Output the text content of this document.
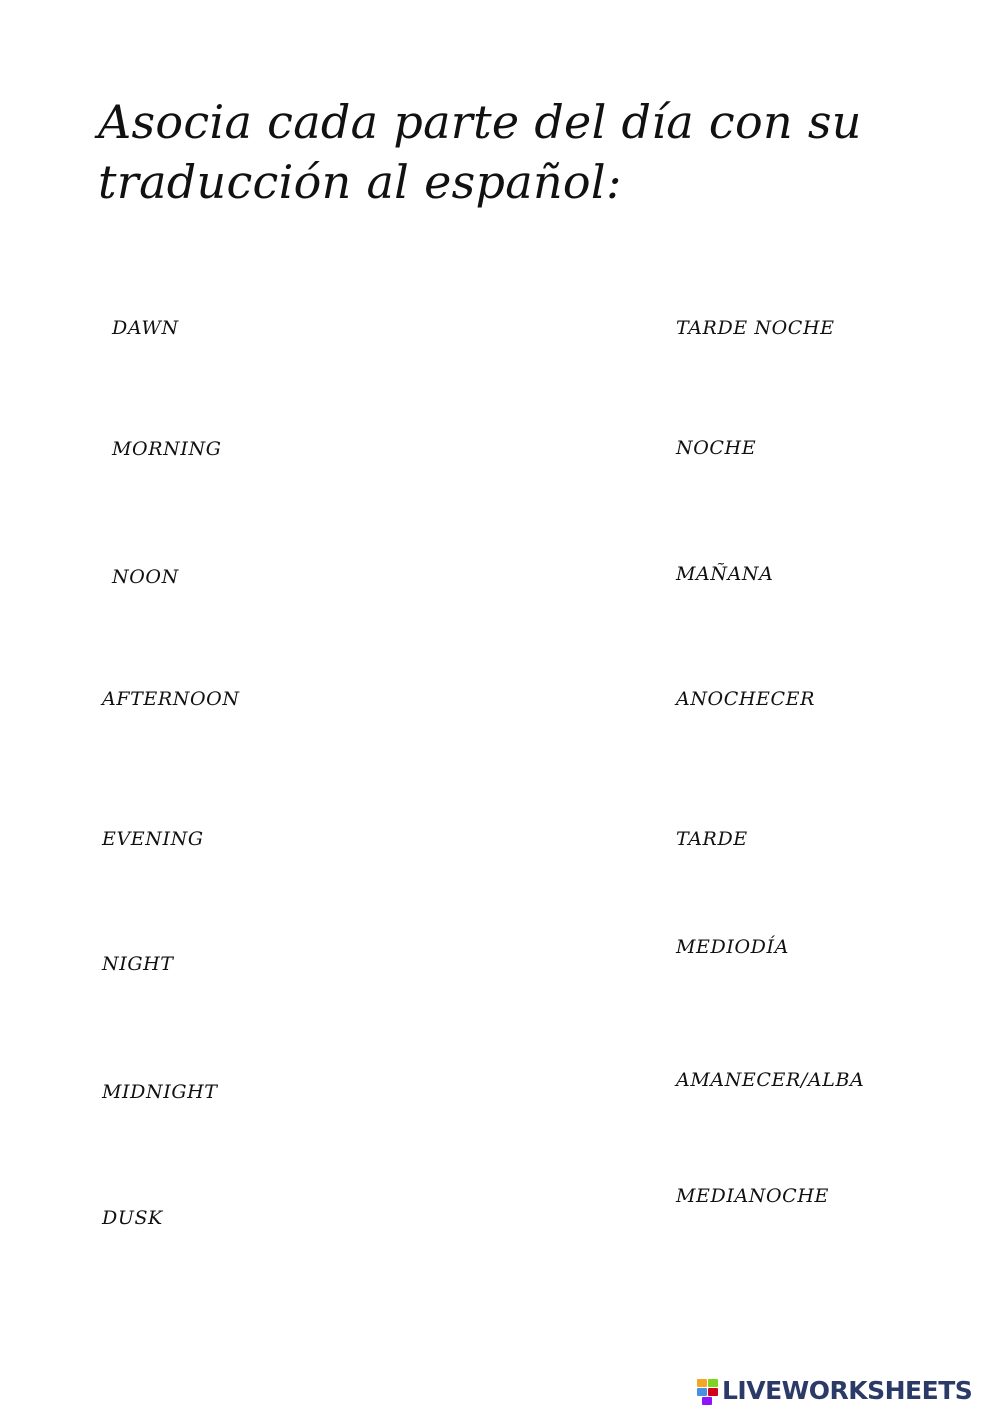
Asocia cada parte del día con su
traducción al español:
DAWN
MORNING
NOON
AFTERNOON
EVENING
NIGHT
MIDNIGHT
DUSK
TARDE NOCHE
NOCHE
MAÑANA
ANOCHECER
TARDE
MEDIODÍA
AMANECER/ALBA
MEDIANOCHE
LIVEWORKSHEETS
